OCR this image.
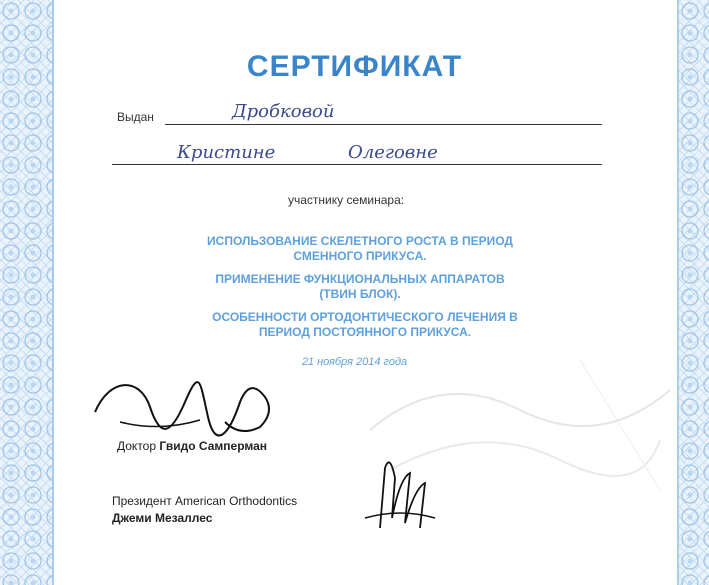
СЕРТИФИКАТ
Выдан	Дробковой
Кристине	Олеговне
участнику семинара:
ИСПОЛЬЗОВАНИЕ СКЕЛЕТНОГО РОСТА В ПЕРИОД СМЕННОГО ПРИКУСА.
ПРИМЕНЕНИЕ ФУНКЦИОНАЛЬНЫХ АППАРАТОВ (ТВИН БЛОК).
ОСОБЕННОСТИ ОРТОДОНТИЧЕСКОГО ЛЕЧЕНИЯ В ПЕРИОД ПОСТОЯННОГО ПРИКУСА.
21 ноября 2014 года
Доктор Гвидо Самперман
Президент American Orthodontics
Джеми Мезаллес
